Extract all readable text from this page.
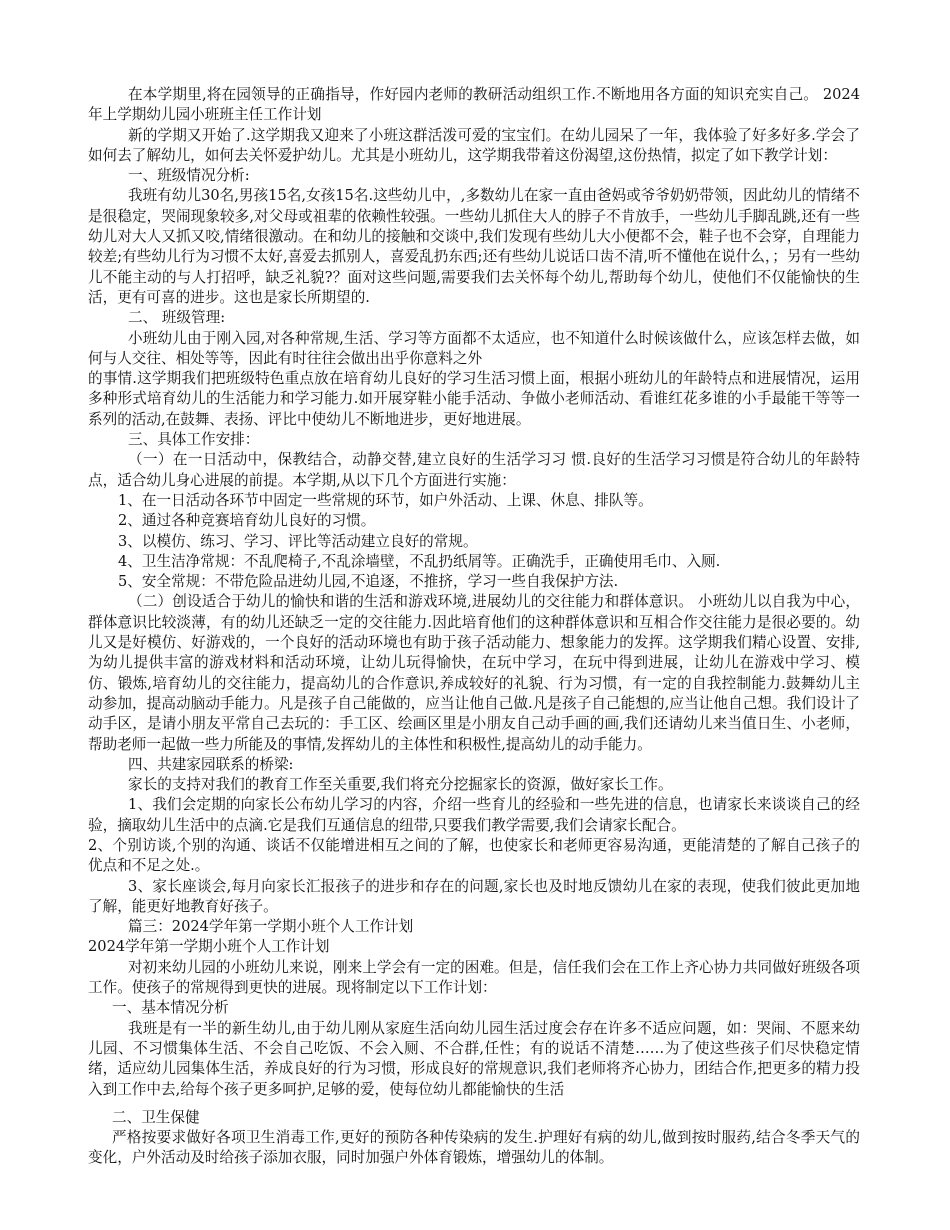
在本学期里,将在园领导的正确指导，作好园内老师的教研活动组织工作.不断地用各方面的知识充实自己。 2024年上学期幼儿园小班班主任工作计划

新的学期又开始了.这学期我又迎来了小班这群活泼可爱的宝宝们。在幼儿园呆了一年，我体验了好多好多.学会了如何去了解幼儿，如何去关怀爱护幼儿。尤其是小班幼儿，这学期我带着这份渴望,这份热情，拟定了如下教学计划：

一、班级情况分析:

我班有幼儿30名,男孩15名,女孩15名.这些幼儿中，,多数幼儿在家一直由爸妈或爷爷奶奶带领，因此幼儿的情绪不是很稳定，哭闹现象较多,对父母或祖辈的依赖性较强。一些幼儿抓住大人的脖子不肯放手，一些幼儿手脚乱跳,还有一些幼儿对大人又抓又咬,情绪很激动。在和幼儿的接触和交谈中,我们发现有些幼儿大小便都不会，鞋子也不会穿，自理能力较差;有些幼儿行为习惯不太好,喜爱去抓别人，喜爱乱扔东西;还有些幼儿说话口齿不清,听不懂他在说什么，；另有一些幼儿不能主动的与人打招呼，缺乏礼貌?？面对这些问题,需要我们去关怀每个幼儿,帮助每个幼儿，使他们不仅能愉快的生活，更有可喜的进步。这也是家长所期望的.

二、 班级管理:

小班幼儿由于刚入园,对各种常规,生活、学习等方面都不太适应，也不知道什么时候该做什么，应该怎样去做，如何与人交往、相处等等，因此有时往往会做出出乎你意料之外

的事情.这学期我们把班级特色重点放在培育幼儿良好的学习生活习惯上面，根据小班幼儿的年龄特点和进展情况，运用多种形式培育幼儿的生活能力和学习能力.如开展穿鞋小能手活动、争做小老师活动、看谁红花多谁的小手最能干等等一系列的活动,在鼓舞、表扬、评比中使幼儿不断地进步，更好地进展。

三、具体工作安排：

（一）在一日活动中，保教结合，动静交替,建立良好的生活学习习 惯.良好的生活学习习惯是符合幼儿的年龄特点，适合幼儿身心进展的前提。本学期,从以下几个方面进行实施：

1、在一日活动各环节中固定一些常规的环节，如户外活动、上课、休息、排队等。

2、通过各种竞赛培育幼儿良好的习惯。

3、以模仿、练习、学习、评比等活动建立良好的常规。

4、卫生洁净常规：不乱爬椅子,不乱涂墙壁，不乱扔纸屑等。正确洗手，正确使用毛巾、入厕.

5、安全常规：不带危险品进幼儿园,不追逐，不推挤，学习一些自我保护方法.

（二）创设适合于幼儿的愉快和谐的生活和游戏环境,进展幼儿的交往能力和群体意识。 小班幼儿以自我为中心，群体意识比较淡薄，有的幼儿还缺乏一定的交往能力.因此培育他们的这种群体意识和互相合作交往能力是很必要的。幼儿又是好模仿、好游戏的，一个良好的活动环境也有助于孩子活动能力、想象能力的发挥。这学期我们精心设置、安排,为幼儿提供丰富的游戏材料和活动环境，让幼儿玩得愉快，在玩中学习，在玩中得到进展，让幼儿在游戏中学习、模仿、锻炼,培育幼儿的交往能力，提高幼儿的合作意识,养成较好的礼貌、行为习惯，有一定的自我控制能力.鼓舞幼儿主动参加，提高动脑动手能力。凡是孩子自己能做的，应当让他自己做.凡是孩子自己能想的,应当让他自己想。我们设计了动手区，是请小朋友平常自己去玩的：手工区、绘画区里是小朋友自己动手画的画,我们还请幼儿来当值日生、小老师，帮助老师一起做一些力所能及的事情,发挥幼儿的主体性和积极性,提高幼儿的动手能力。

四、共建家园联系的桥梁:

家长的支持对我们的教育工作至关重要,我们将充分挖掘家长的资源，做好家长工作。

1、我们会定期的向家长公布幼儿学习的内容，介绍一些育儿的经验和一些先进的信息，也请家长来谈谈自己的经验，摘取幼儿生活中的点滴.它是我们互通信息的纽带,只要我们教学需要,我们会请家长配合。

2、个别访谈,个别的沟通、谈话不仅能增进相互之间的了解，也使家长和老师更容易沟通，更能清楚的了解自己孩子的优点和不足之处.。

3、家长座谈会,每月向家长汇报孩子的进步和存在的问题,家长也及时地反馈幼儿在家的表现，使我们彼此更加地了解，能更好地教育好孩子。

篇三：2024学年第一学期小班个人工作计划

2024学年第一学期小班个人工作计划

对初来幼儿园的小班幼儿来说，刚来上学会有一定的困难。但是，信任我们会在工作上齐心协力共同做好班级各项工作。使孩子的常规得到更快的进展。现将制定以下工作计划：

一、基本情况分析

我班是有一半的新生幼儿,由于幼儿刚从家庭生活向幼儿园生活过度会存在许多不适应问题，如：哭闹、不愿来幼儿园、不习惯集体生活、不会自己吃饭、不会入厕、不合群,任性；有的说话不清楚……为了使这些孩子们尽快稳定情绪，适应幼儿园集体生活，养成良好的行为习惯，形成良好的常规意识,我们老师将齐心协力，团结合作,把更多的精力投入到工作中去,给每个孩子更多呵护,足够的爱，使每位幼儿都能愉快的生活

二、卫生保健

严格按要求做好各项卫生消毒工作,更好的预防各种传染病的发生.护理好有病的幼儿,做到按时服药,结合冬季天气的变化，户外活动及时给孩子添加衣服，同时加强户外体育锻炼，增强幼儿的体制。
